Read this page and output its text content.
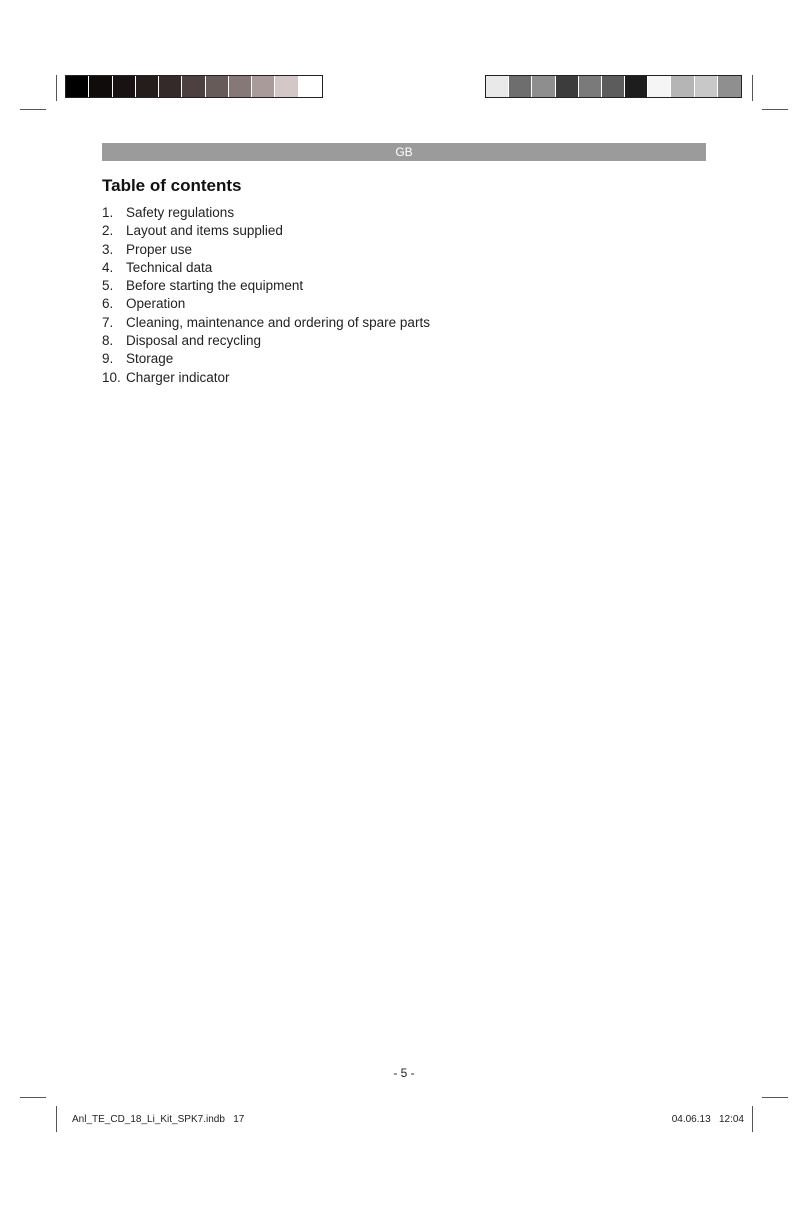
GB
Table of contents
1. Safety regulations
2. Layout and items supplied
3. Proper use
4. Technical data
5. Before starting the equipment
6. Operation
7. Cleaning, maintenance and ordering of spare parts
8. Disposal and recycling
9. Storage
10. Charger indicator
- 5 -
Anl_TE_CD_18_Li_Kit_SPK7.indb   17	04.06.13   12:04
